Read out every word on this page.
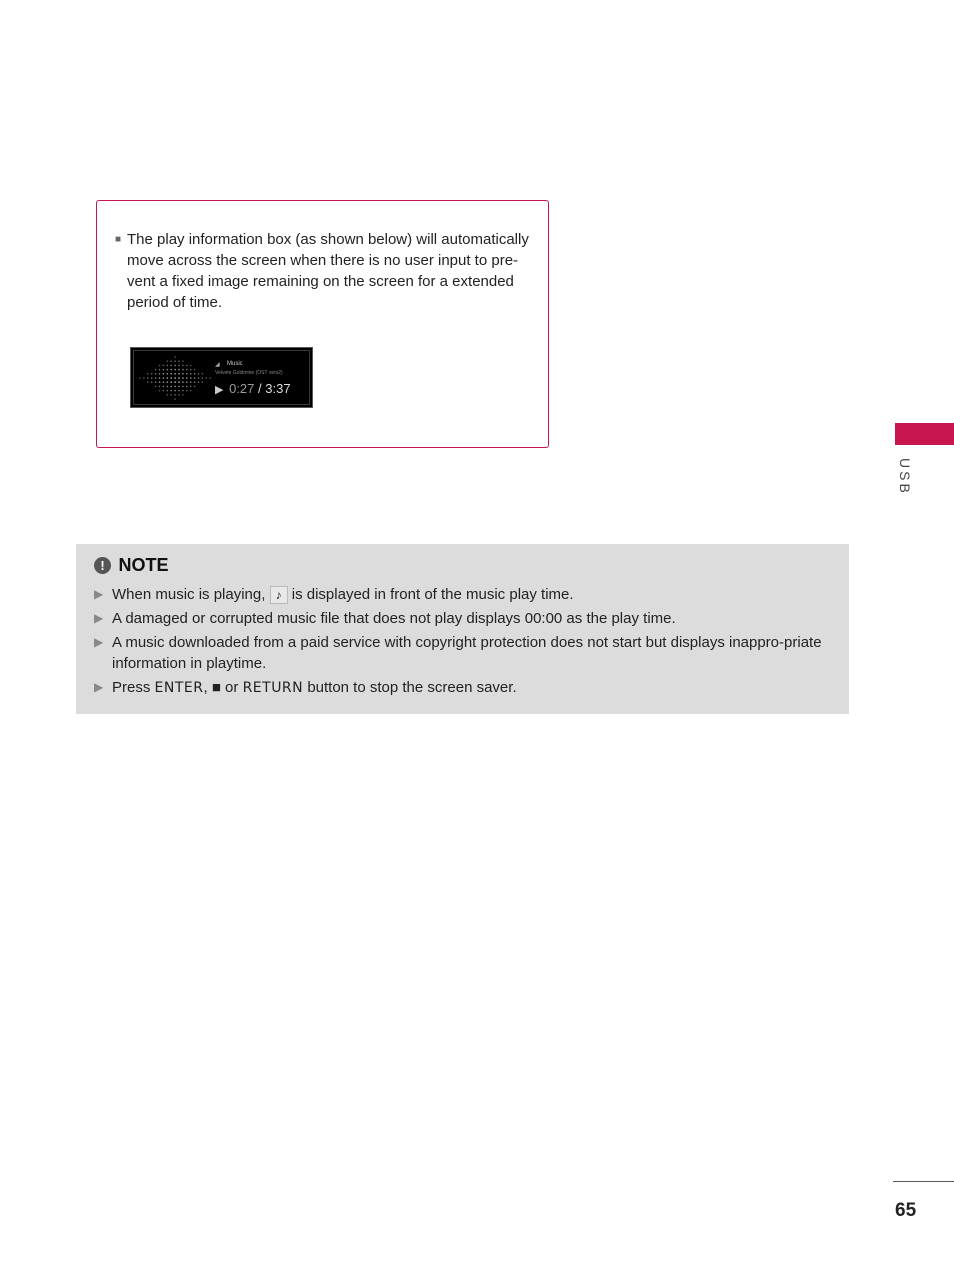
■ The play information box (as shown below) will automatically move across the screen when there is no user input to pre-vent a fixed image remaining on the screen for a extended period of time.
◢ Music
Velvete Goldmine (OST vers2)
▶ 0:27 / 3:37
USB
! NOTE
▶ When music is playing, ♪ is displayed in front of the music play time.
▶ A damaged or corrupted music file that does not play displays 00:00 as the play time.
▶ A music downloaded from a paid service with copyright protection does not start but displays inappro-priate information in playtime.
▶ Press ENTER, ■ or RETURN button to stop the screen saver.
65
